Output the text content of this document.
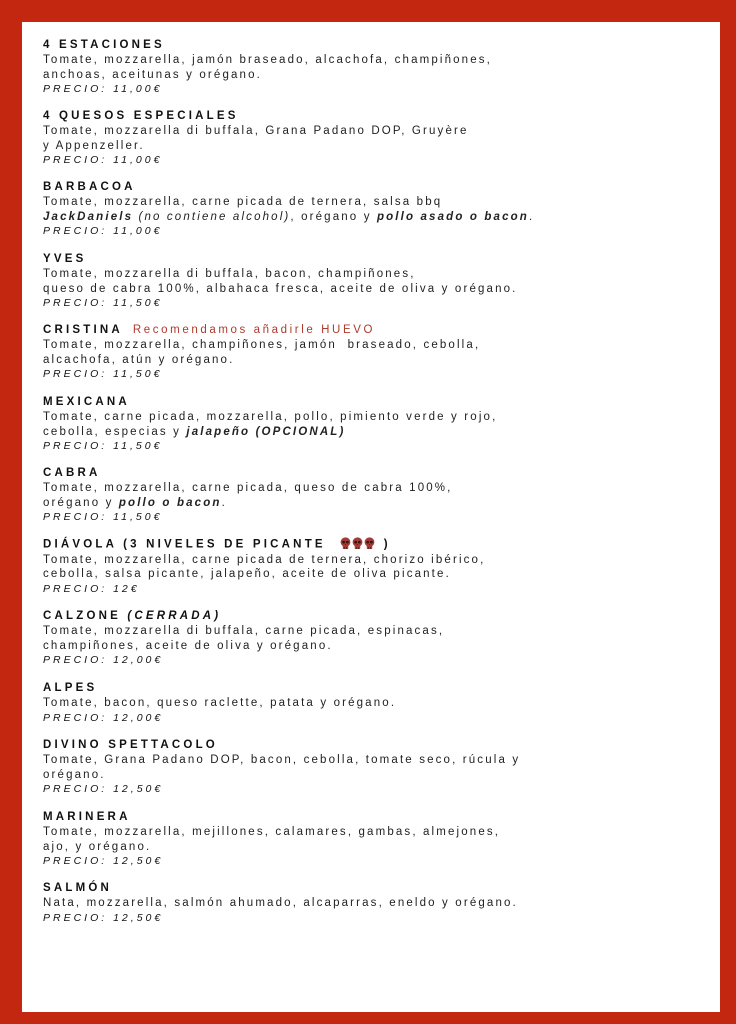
4 ESTACIONES
Tomate, mozzarella, jamón braseado, alcachofa, champiñones,
anchoas, aceitunas y orégano.
PRECIO: 11,00€
4 QUESOS ESPECIALES
Tomate, mozzarella di buffala, Grana Padano DOP, Gruyère
y Appenzeller.
PRECIO: 11,00€
BARBACOA
Tomate, mozzarella, carne picada de ternera, salsa bbq
JackDaniels (no contiene alcohol), orégano y pollo asado o bacon.
PRECIO: 11,00€
YVES
Tomate, mozzarella di buffala, bacon, champiñones,
queso de cabra 100%, albahaca fresca, aceite de oliva y orégano.
PRECIO: 11,50€
CRISTINA Recomendamos añadirle HUEVO
Tomate, mozzarella, champiñones, jamón  braseado, cebolla,
alcachofa, atún y orégano.
PRECIO: 11,50€
MEXICANA
Tomate, carne picada, mozzarella, pollo, pimiento verde y rojo,
cebolla, especias y jalapeño (OPCIONAL)
PRECIO: 11,50€
CABRA
Tomate, mozzarella, carne picada, queso de cabra 100%,
orégano y pollo o bacon.
PRECIO: 11,50€
DIÁVOLA (3 NIVELES DE PICANTE	)
Tomate, mozzarella, carne picada de ternera, chorizo ibérico,
cebolla, salsa picante, jalapeño, aceite de oliva picante.
PRECIO: 12€
CALZONE (CERRADA)
Tomate, mozzarella di buffala, carne picada, espinacas,
champiñones, aceite de oliva y orégano.
PRECIO: 12,00€
ALPES
Tomate, bacon, queso raclette, patata y orégano.
PRECIO: 12,00€
DIVINO SPETTACOLO
Tomate, Grana Padano DOP, bacon, cebolla, tomate seco, rúcula y
orégano.
PRECIO: 12,50€
MARINERA
Tomate, mozzarella, mejillones, calamares, gambas, almejones,
ajo, y orégano.
PRECIO: 12,50€
SALMÓN
Nata, mozzarella, salmón ahumado, alcaparras, eneldo y orégano.
PRECIO: 12,50€
